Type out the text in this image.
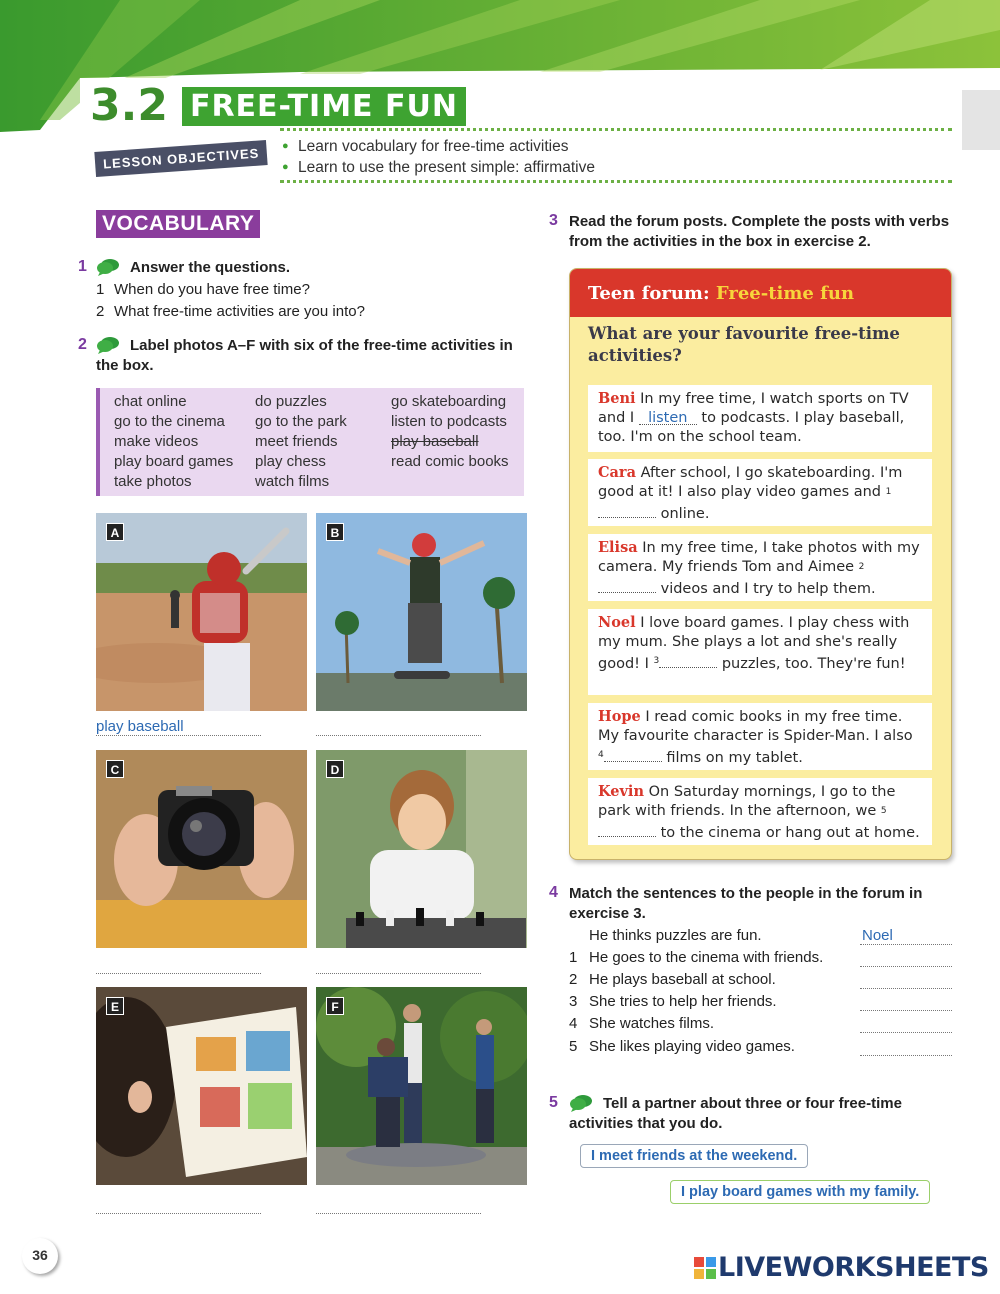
3.2 FREE-TIME FUN
LESSON OBJECTIVES
●	Learn vocabulary for free-time activities
● Learn to use the present simple: affirmative
VOCABULARY
1	Answer the questions.
1 When do you have free time?
2 What free-time activities are you into?
2	Label photos A–F with six of the free-time activities in
the box.
chat online
go to the cinema
make videos
play board games
take photos
do puzzles
go to the park
meet friends
play chess
watch films
go skateboarding
listen to podcasts
play baseball
read comic books
A
play baseball
B
C	D
E	F
3 Read the forum posts. Complete the posts with verbs
from the activities in the box in exercise 2.
Teen forum: Free-time fun
What are your favourite free-time activities?
Beni In my free time, I watch sports on TV and I listen to podcasts. I play baseball, too. I'm on the school team.
Cara After school, I go skateboarding. I'm good at it! I also play video games and $^1$ online.
Elisa In my free time, I take photos with my camera. My friends Tom and Aimee $^2$ videos and I try to help them.
Noel I love board games. I play chess with my mum. She plays a lot and she's really good! I $^3$	puzzles, too. They're fun!
Hope I read comic books in my free time. My favourite character is Spider-Man. I also $^4$	films on my tablet.
Kevin On Saturday mornings, I go to the park with friends. In the afternoon, we $^5$ to the cinema or hang out at home.
4 Match the sentences to the people in the forum in
exercise 3.
He thinks puzzles are fun.	Noel
1 He goes to the cinema with friends.
2 He plays baseball at school.
3 She tries to help her friends.
4 She watches films.
5 She likes playing video games.
5	Tell a partner about three or four free-time
activities that you do.
I meet friends at the weekend.
I play board games with my family.
36	LIVEWORKSHEETS
